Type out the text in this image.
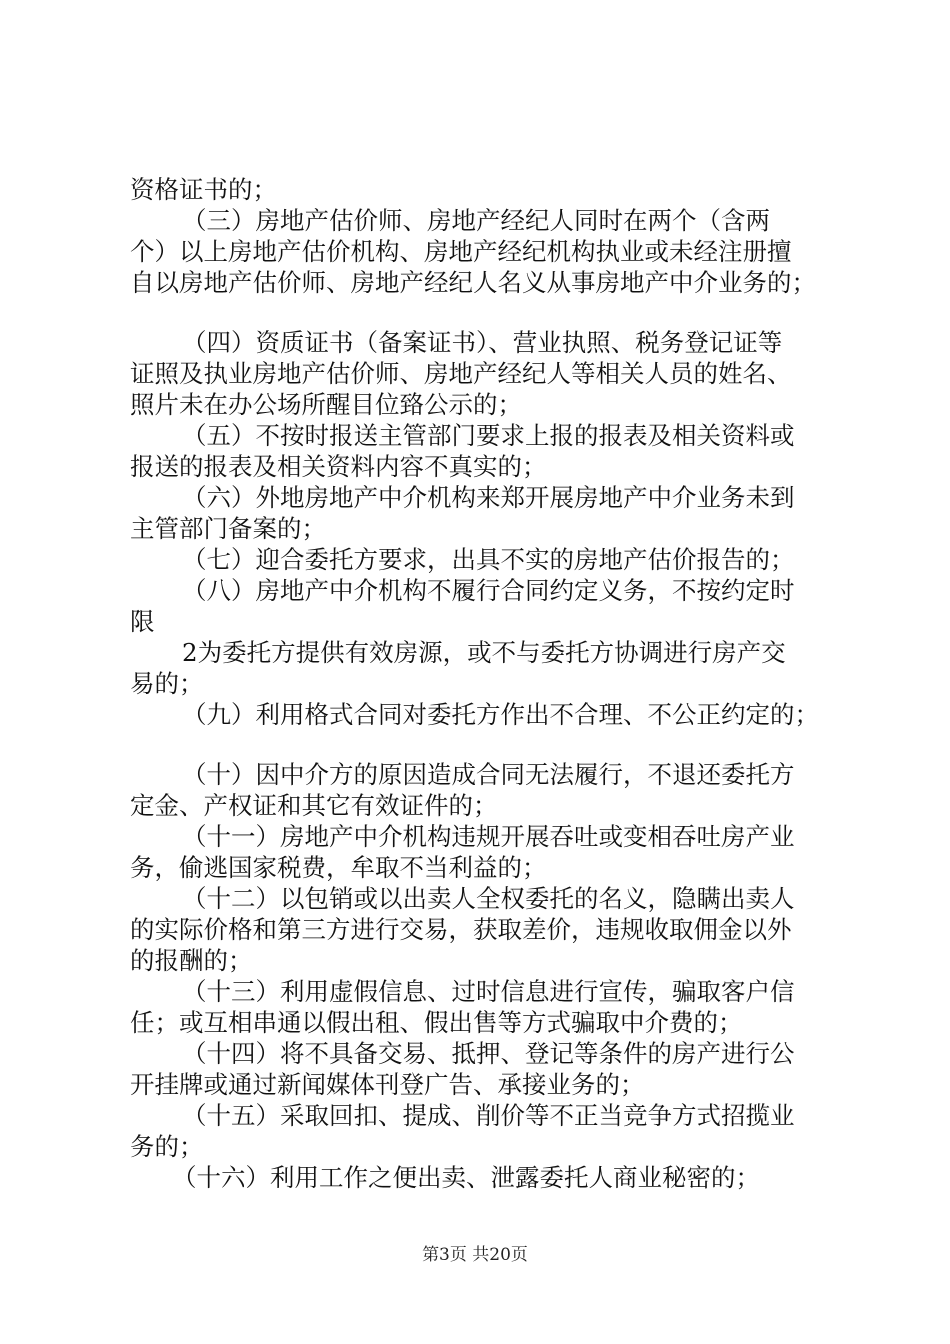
资格证书的；
（三）房地产估价师、房地产经纪人同时在两个（含两
个）以上房地产估价机构、房地产经纪机构执业或未经注册擅
自以房地产估价师、房地产经纪人名义从事房地产中介业务的；
（四）资质证书（备案证书）、营业执照、税务登记证等
证照及执业房地产估价师、房地产经纪人等相关人员的姓名、
照片未在办公场所醒目位臵公示的；
（五）不按时报送主管部门要求上报的报表及相关资料或
报送的报表及相关资料内容不真实的；
（六）外地房地产中介机构来郑开展房地产中介业务未到
主管部门备案的；
（七）迎合委托方要求，出具不实的房地产估价报告的；
（八）房地产中介机构不履行合同约定义务，不按约定时
限
2为委托方提供有效房源，或不与委托方协调进行房产交
易的；
（九）利用格式合同对委托方作出不合理、不公正约定的；
（十）因中介方的原因造成合同无法履行，不退还委托方
定金、产权证和其它有效证件的；
（十一）房地产中介机构违规开展吞吐或变相吞吐房产业
务，偷逃国家税费，牟取不当利益的；
（十二）以包销或以出卖人全权委托的名义，隐瞒出卖人
的实际价格和第三方进行交易，获取差价，违规收取佣金以外
的报酬的；
（十三）利用虚假信息、过时信息进行宣传，骗取客户信
任；或互相串通以假出租、假出售等方式骗取中介费的；
（十四）将不具备交易、抵押、登记等条件的房产进行公
开挂牌或通过新闻媒体刊登广告、承接业务的；
（十五）采取回扣、提成、削价等不正当竞争方式招揽业
务的；
（十六）利用工作之便出卖、泄露委托人商业秘密的；
第3页 共20页
